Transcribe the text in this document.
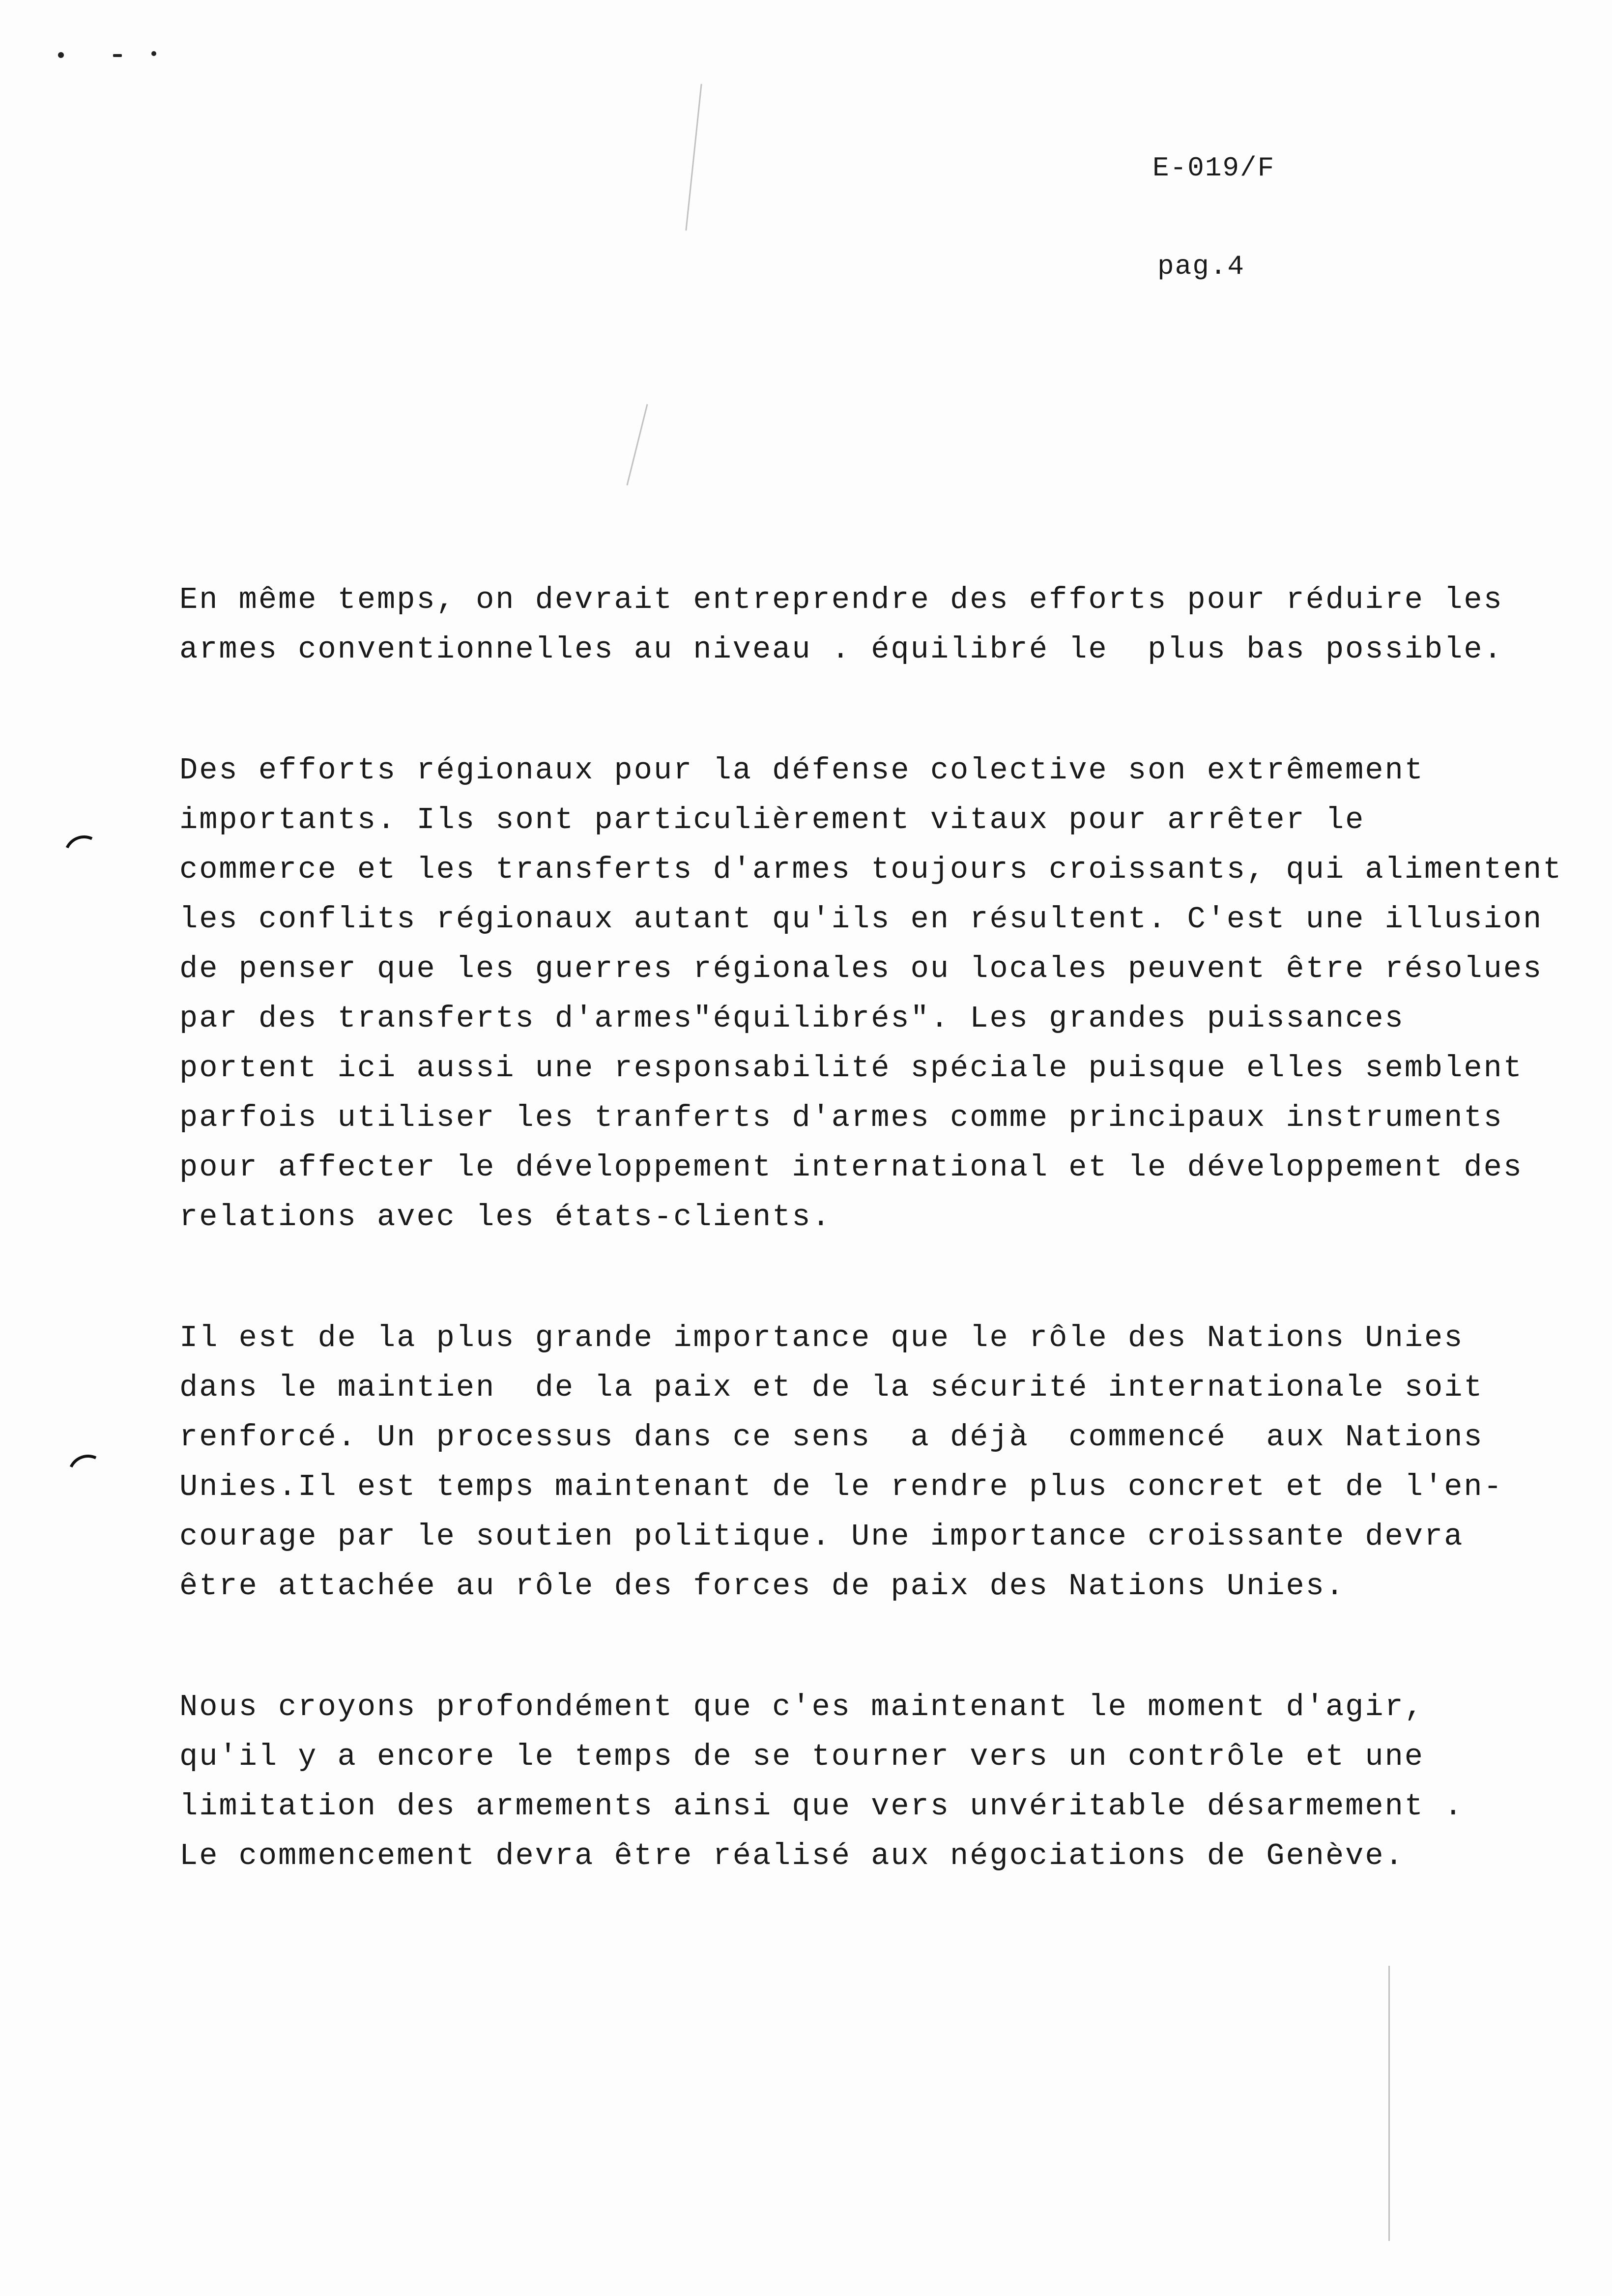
E-019/F
pag.4
En même temps, on devrait entreprendre des efforts pour réduire les
armes conventionnelles au niveau . équilibré le  plus bas possible.
Des efforts régionaux pour la défense colective son extrêmement
importants. Ils sont particulièrement vitaux pour arrêter le
commerce et les transferts d'armes toujours croissants, qui alimentent
les conflits régionaux autant qu'ils en résultent. C'est une illusion
de penser que les guerres régionales ou locales peuvent être résolues
par des transferts d'armes"équilibrés". Les grandes puissances
portent ici aussi une responsabilité spéciale puisque elles semblent
parfois utiliser les tranferts d'armes comme principaux instruments
pour affecter le développement international et le développement des
relations avec les états-clients.
Il est de la plus grande importance que le rôle des Nations Unies
dans le maintien  de la paix et de la sécurité internationale soit
renforcé. Un processus dans ce sens  a déjà  commencé  aux Nations
Unies.Il est temps maintenant de le rendre plus concret et de l'en-
courage par le soutien politique. Une importance croissante devra
être attachée au rôle des forces de paix des Nations Unies.
Nous croyons profondément que c'es maintenant le moment d'agir,
qu'il y a encore le temps de se tourner vers un contrôle et une
limitation des armements ainsi que vers unvéritable désarmement .
Le commencement devra être réalisé aux négociations de Genève.
